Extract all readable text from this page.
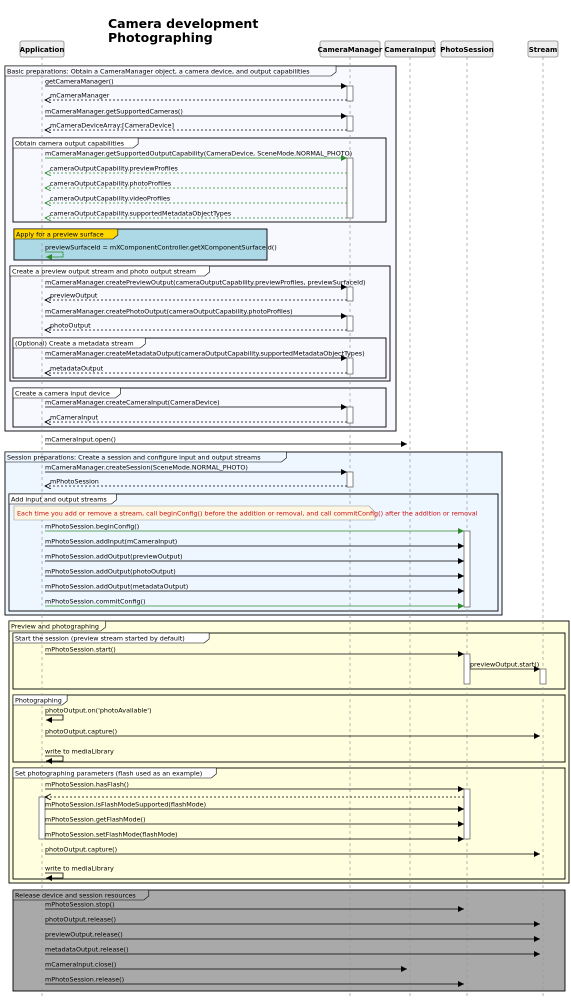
Camera development
Photographing
Basic preparations: Obtain a CameraManager object, a camera device, and output capabilities
Obtain camera output capabilities
Apply for a preview surface
Create a preview output stream and photo output stream
(Optional) Create a metadata stream
Create a camera input device
Session preparations: Create a session and configure input and output streams
Add input and output streams
Preview and photographing
Start the session (preview stream started by default)
Photographing
Set photographing parameters (flash used as an example)
Release device and session resources
Application	CameraManager CameraInput PhotoSession	Stream
getCameraManager()
mCameraManager
mCameraManager.getSupportedCameras()
mCameraDeviceArray:[CameraDevice]
mCameraManager.getSupportedOutputCapability(CameraDevice, SceneMode.NORMAL_PHOTO)
cameraOutputCapability.previewProfiles
cameraOutputCapability.photoProfiles
cameraOutputCapability.videoProfiles
cameraOutputCapability.supportedMetadataObjectTypes
previewSurfaceId = mXComponentController.getXComponentSurfaceId()
mCameraManager.createPreviewOutput(cameraOutputCapability.previewProfiles, previewSurfaceId)
previewOutput
mCameraManager.createPhotoOutput(cameraOutputCapability.photoProfiles)
photoOutput
mCameraManager.createMetadataOutput(cameraOutputCapability.supportedMetadataObjectTypes)
metadataOutput
mCameraManager.createCameraInput(CameraDevice)
mCameraInput
mCameraInput.open()
mCameraManager.createSession(SceneMode.NORMAL_PHOTO)
mPhotoSession
mPhotoSession.beginConfig()
mPhotoSession.addInput(mCameraInput)
mPhotoSession.addOutput(previewOutput)
mPhotoSession.addOutput(photoOutput)
mPhotoSession.addOutput(metadataOutput)
mPhotoSession.commitConfig()
mPhotoSession.start()
previewOutput.start()
photoOutput.on('photoAvailable')
photoOutput.capture()
write to mediaLibrary
mPhotoSession.hasFlash()
mPhotoSession.isFlashModeSupported(flashMode)
mPhotoSession.getFlashMode()
mPhotoSession.setFlashMode(flashMode)
photoOutput.capture()
write to mediaLibrary
mPhotoSession.stop()
photoOutput.release()
previewOutput.release()
metadataOutput.release()
mCameraInput.close()
mPhotoSession.release()
Each time you add or remove a stream, call beginConfig() before the addition or removal, and call commitConfig() after the addition or removal
